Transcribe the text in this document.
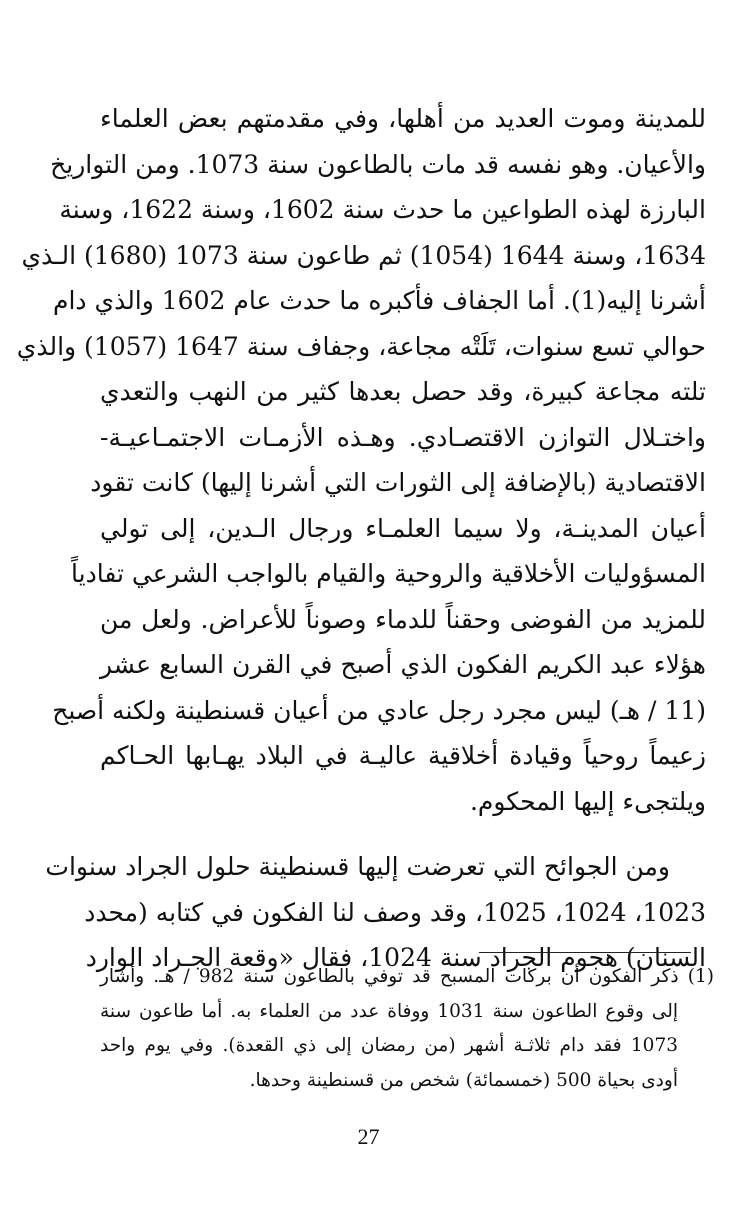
للمدينة وموت العديد من أهلها، وفي مقدمتهم بعض العلماء
والأعيان. وهو نفسه قد مات بالطاعون سنة 1073. ومن التواريخ
البارزة لهذه الطواعين ما حدث سنة 1602، وسنة 1622، وسنة
1634، وسنة 1644 (1054) ثم طاعون سنة 1073 (1680) الـذي
أشرنا إليه(1). أما الجفاف فأكبره ما حدث عام 1602 والذي دام
حوالي تسع سنوات، تَلَتْه مجاعة، وجفاف سنة 1647 (1057) والذي
تلته مجاعة كبيرة، وقد حصل بعدها كثير من النهب والتعدي
واختـلال التوازن الاقتصـادي. وهـذه الأزمـات الاجتمـاعيـة-
الاقتصادية (بالإضافة إلى الثورات التي أشرنا إليها) كانت تقود
أعيان المدينـة، ولا سيما العلمـاء ورجال الـدين، إلى تولي
المسؤوليات الأخلاقية والروحية والقيام بالواجب الشرعي تفادياً
للمزيد من الفوضى وحقناً للدماء وصوناً للأعراض. ولعل من
هؤلاء عبد الكريم الفكون الذي أصبح في القرن السابع عشر
(11 / هـ) ليس مجرد رجل عادي من أعيان قسنطينة ولكنه أصبح
زعيماً روحياً وقيادة أخلاقية عاليـة في البلاد يهـابها الحـاكم
ويلتجىء إليها المحكوم.
ومن الجوائح التي تعرضت إليها قسنطينة حلول الجراد سنوات
1023، 1024، 1025، وقد وصف لنا الفكون في كتابه (محدد
السنان) هجوم الجراد سنة 1024، فقال «وقعة الجـراد الوارد
(1) ذكر الفكون أن بركات المسبح قد توفي بالطاعون سنة 982 / هـ. وأشار
إلى وقوع الطاعون سنة 1031 ووفاة عدد من العلماء به. أما طاعون سنة
1073 فقد دام ثلاثـة أشهر (من رمضان إلى ذي القعدة). وفي يوم واحد
أودى بحياة 500 (خمسمائة) شخص من قسنطينة وحدها.
27
